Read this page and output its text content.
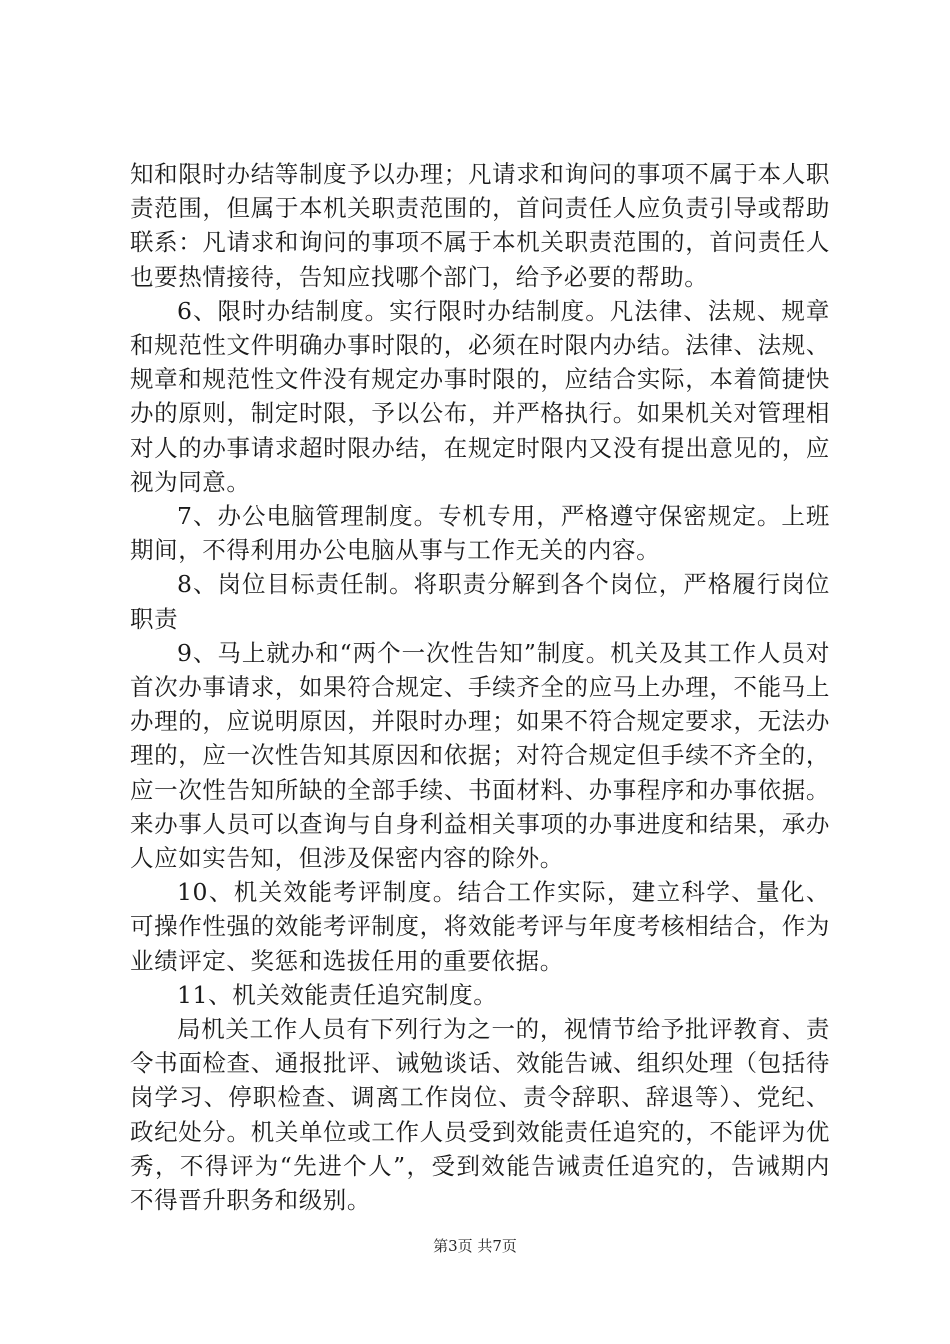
知和限时办结等制度予以办理；凡请求和询问的事项不属于本人职责范围，但属于本机关职责范围的，首问责任人应负责引导或帮助联系：凡请求和询问的事项不属于本机关职责范围的，首问责任人也要热情接待，告知应找哪个部门，给予必要的帮助。

6、限时办结制度。实行限时办结制度。凡法律、法规、规章和规范性文件明确办事时限的，必须在时限内办结。法律、法规、规章和规范性文件没有规定办事时限的，应结合实际，本着简捷快办的原则，制定时限，予以公布，并严格执行。如果机关对管理相对人的办事请求超时限办结，在规定时限内又没有提出意见的，应视为同意。

7、办公电脑管理制度。专机专用，严格遵守保密规定。上班期间，不得利用办公电脑从事与工作无关的内容。

8、岗位目标责任制。将职责分解到各个岗位，严格履行岗位职责

9、马上就办和“两个一次性告知”制度。机关及其工作人员对首次办事请求，如果符合规定、手续齐全的应马上办理，不能马上办理的，应说明原因，并限时办理；如果不符合规定要求，无法办理的，应一次性告知其原因和依据；对符合规定但手续不齐全的，应一次性告知所缺的全部手续、书面材料、办事程序和办事依据。来办事人员可以查询与自身利益相关事项的办事进度和结果，承办人应如实告知，但涉及保密内容的除外。

10、机关效能考评制度。结合工作实际，建立科学、量化、可操作性强的效能考评制度，将效能考评与年度考核相结合，作为业绩评定、奖惩和选拔任用的重要依据。

11、机关效能责任追究制度。

局机关工作人员有下列行为之一的，视情节给予批评教育、责令书面检查、通报批评、诫勉谈话、效能告诫、组织处理（包括待岗学习、停职检查、调离工作岗位、责令辞职、辞退等）、党纪、政纪处分。机关单位或工作人员受到效能责任追究的，不能评为优秀，不得评为“先进个人”，受到效能告诫责任追究的，告诫期内不得晋升职务和级别。

第3页 共7页
